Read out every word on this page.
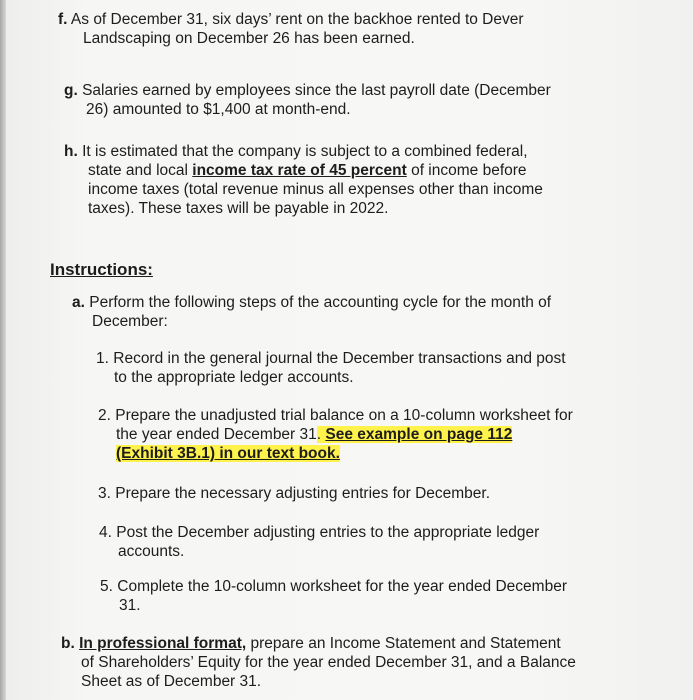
f. As of December 31, six days’ rent on the backhoe rented to Dever
Landscaping on December 26 has been earned.
g. Salaries earned by employees since the last payroll date (December
26) amounted to $1,400 at month-end.
h. It is estimated that the company is subject to a combined federal,
state and local income tax rate of 45 percent of income before
income taxes (total revenue minus all expenses other than income
taxes). These taxes will be payable in 2022.
Instructions:
a. Perform the following steps of the accounting cycle for the month of
December:
1. Record in the general journal the December transactions and post
to the appropriate ledger accounts.
2. Prepare the unadjusted trial balance on a 10-column worksheet for
the year ended December 31. See example on page 112
(Exhibit 3B.1) in our text book.
3. Prepare the necessary adjusting entries for December.
4. Post the December adjusting entries to the appropriate ledger
accounts.
5. Complete the 10-column worksheet for the year ended December
31.
b. In professional format, prepare an Income Statement and Statement
of Shareholders’ Equity for the year ended December 31, and a Balance
Sheet as of December 31.
